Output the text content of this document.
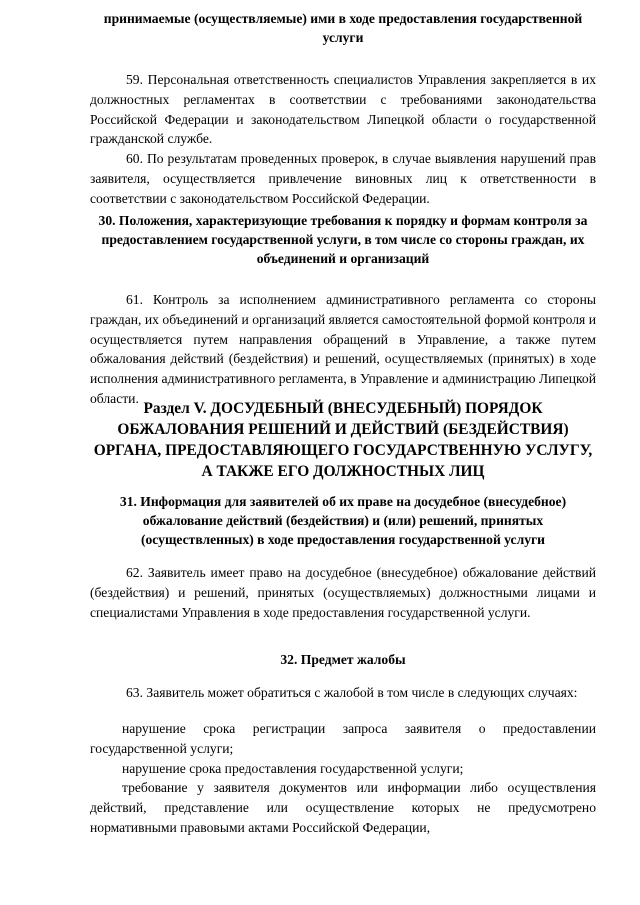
принимаемые (осуществляемые) ими в ходе предоставления государственной услуги

59. Персональная ответственность специалистов Управления закрепляется в их должностных регламентах в соответствии с требованиями законодательства Российской Федерации и законодательством Липецкой области о государственной гражданской службе.

60. По результатам проведенных проверок, в случае выявления нарушений прав заявителя, осуществляется привлечение виновных лиц к ответственности в соответствии с законодательством Российской Федерации.

30. Положения, характеризующие требования к порядку и формам контроля за предоставлением государственной услуги, в том числе со стороны граждан, их объединений и организаций

61. Контроль за исполнением административного регламента со стороны граждан, их объединений и организаций является самостоятельной формой контроля и осуществляется путем направления обращений в Управление, а также путем обжалования действий (бездействия) и решений, осуществляемых (принятых) в ходе исполнения административного регламента, в Управление и администрацию Липецкой области.

Раздел V. ДОСУДЕБНЫЙ (ВНЕСУДЕБНЫЙ) ПОРЯДОК ОБЖАЛОВАНИЯ РЕШЕНИЙ И ДЕЙСТВИЙ (БЕЗДЕЙСТВИЯ) ОРГАНА, ПРЕДОСТАВЛЯЮЩЕГО ГОСУДАРСТВЕННУЮ УСЛУГУ, А ТАКЖЕ ЕГО ДОЛЖНОСТНЫХ ЛИЦ

31. Информация для заявителей об их праве на досудебное (внесудебное) обжалование действий (бездействия) и (или) решений, принятых (осуществленных) в ходе предоставления государственной услуги

62. Заявитель имеет право на досудебное (внесудебное) обжалование действий (бездействия) и решений, принятых (осуществляемых) должностными лицами и специалистами Управления в ходе предоставления государственной услуги.

32. Предмет жалобы

63. Заявитель может обратиться с жалобой в том числе в следующих случаях:

нарушение срока регистрации запроса заявителя о предоставлении государственной услуги;

нарушение срока предоставления государственной услуги;

требование у заявителя документов или информации либо осуществления действий, представление или осуществление которых не предусмотрено нормативными правовыми актами Российской Федерации,
